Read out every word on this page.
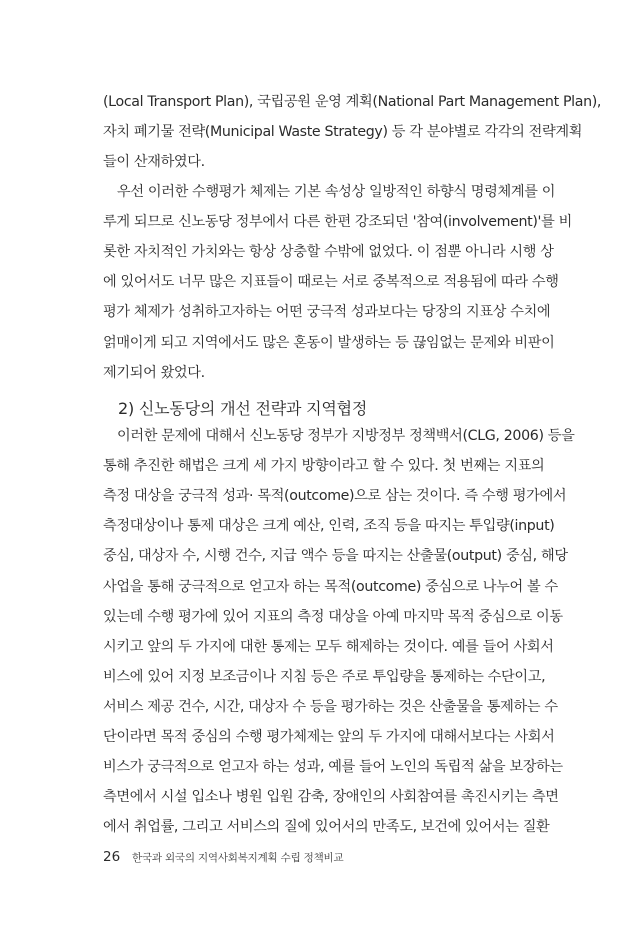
(Local Transport Plan), 국립공원 운영 계획(National Part Management Plan),
자치 폐기물 전략(Municipal Waste Strategy) 등 각 분야별로 각각의 전략계획
들이 산재하였다.
우선 이러한 수행평가 체제는 기본 속성상 일방적인 하향식 명령체계를 이
루게 되므로 신노동당 정부에서 다른 한편 강조되던 '참여(involvement)'를 비
롯한 자치적인 가치와는 항상 상충할 수밖에 없었다. 이 점뿐 아니라 시행 상
에 있어서도 너무 많은 지표들이 때로는 서로 중복적으로 적용됨에 따라 수행
평가 체제가 성취하고자하는 어떤 궁극적 성과보다는 당장의 지표상 수치에
얽매이게 되고 지역에서도 많은 혼동이 발생하는 등 끊임없는 문제와 비판이
제기되어 왔었다.
이러한 문제에 대해서 신노동당 정부가 지방정부 정책백서(CLG, 2006) 등을
통해 추진한 해법은 크게 세 가지 방향이라고 할 수 있다. 첫 번째는 지표의
측정 대상을 궁극적 성과· 목적(outcome)으로 삼는 것이다. 즉 수행 평가에서
측정대상이나 통제 대상은 크게 예산, 인력, 조직 등을 따지는 투입량(input)
중심, 대상자 수, 시행 건수, 지급 액수 등을 따지는 산출물(output) 중심, 해당
사업을 통해 궁극적으로 얻고자 하는 목적(outcome) 중심으로 나누어 볼 수
있는데 수행 평가에 있어 지표의 측정 대상을 아예 마지막 목적 중심으로 이동
시키고 앞의 두 가지에 대한 통제는 모두 해제하는 것이다. 예를 들어 사회서
비스에 있어 지정 보조금이나 지침 등은 주로 투입량을 통제하는 수단이고,
서비스 제공 건수, 시간, 대상자 수 등을 평가하는 것은 산출물을 통제하는 수
단이라면 목적 중심의 수행 평가체제는 앞의 두 가지에 대해서보다는 사회서
비스가 궁극적으로 얻고자 하는 성과, 예를 들어 노인의 독립적 삶을 보장하는
측면에서 시설 입소나 병원 입원 감축, 장애인의 사회참여를 촉진시키는 측면
에서 취업률, 그리고 서비스의 질에 있어서의 만족도, 보건에 있어서는 질환
2) 신노동당의 개선 전략과 지역협정
26 한국과 외국의 지역사회복지계획 수립 정책비교
